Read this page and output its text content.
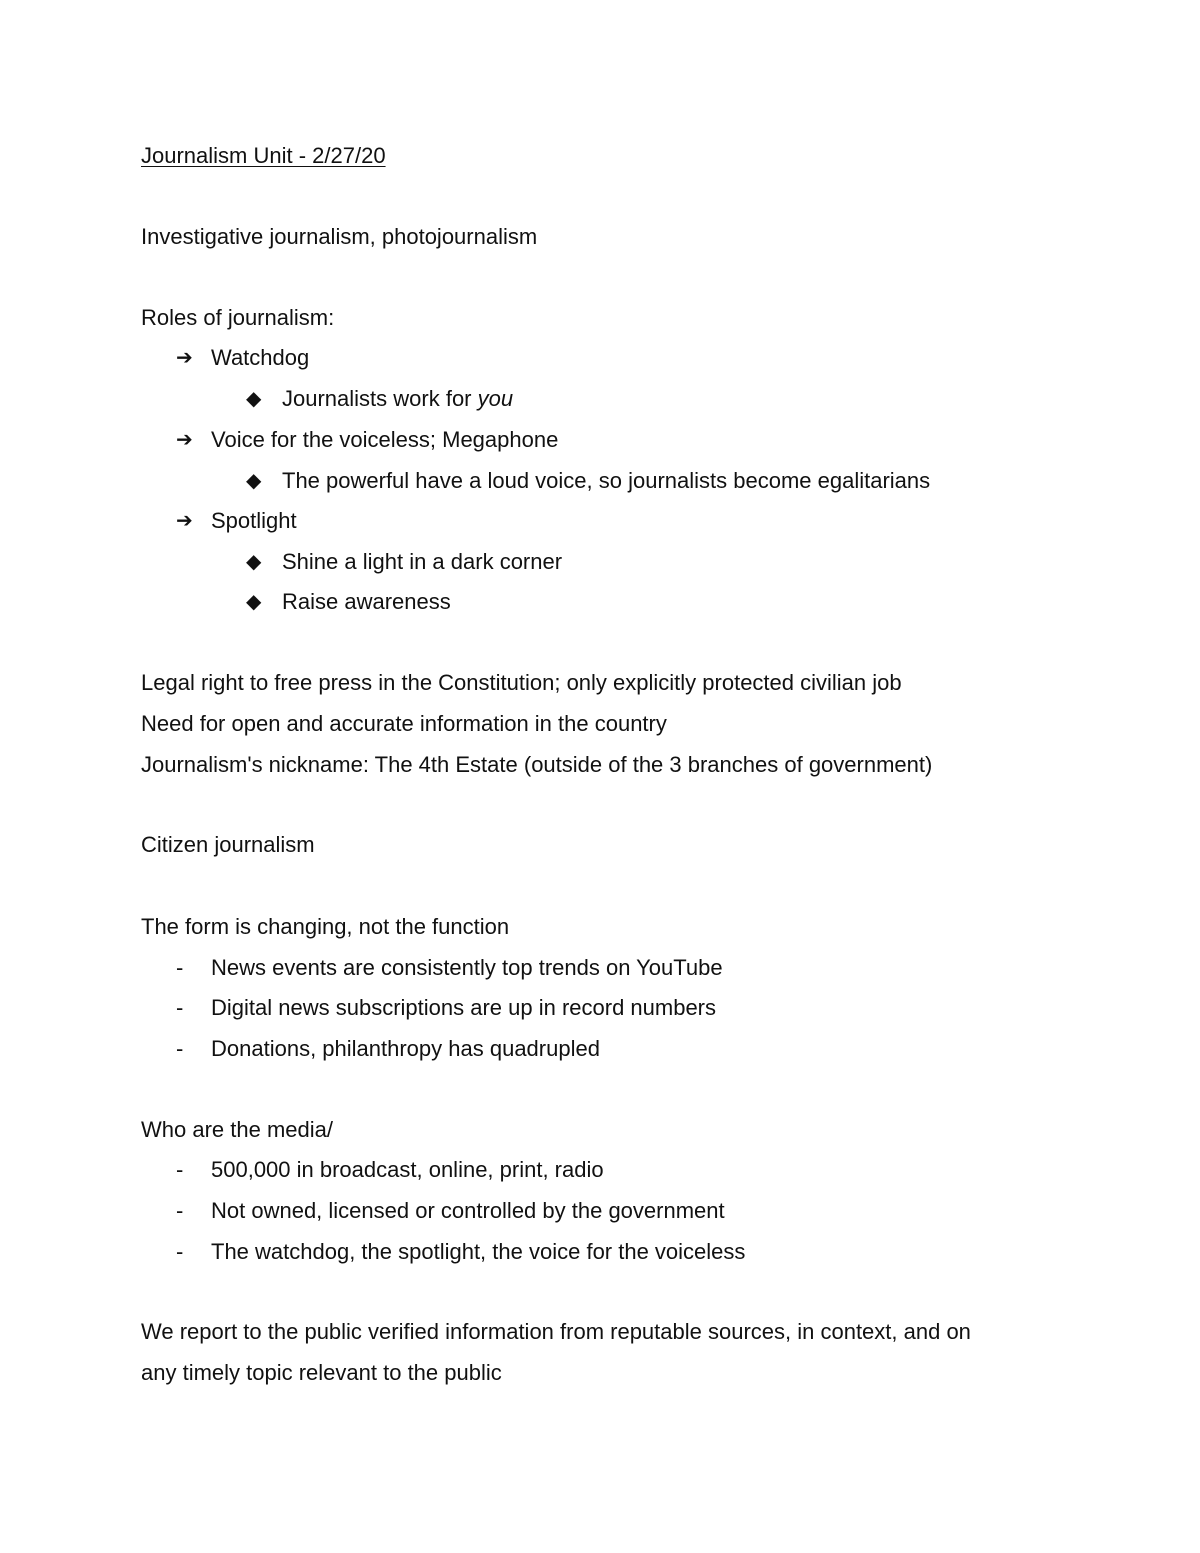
Journalism Unit - 2/27/20
Investigative journalism, photojournalism
Roles of journalism:
➔ Watchdog
◆ Journalists work for you
➔ Voice for the voiceless; Megaphone
◆ The powerful have a loud voice, so journalists become egalitarians
➔ Spotlight
◆ Shine a light in a dark corner
◆ Raise awareness
Legal right to free press in the Constitution; only explicitly protected civilian job
Need for open and accurate information in the country
Journalism's nickname: The 4th Estate (outside of the 3 branches of government)
Citizen journalism
The form is changing, not the function
- News events are consistently top trends on YouTube
- Digital news subscriptions are up in record numbers
- Donations, philanthropy has quadrupled
Who are the media/
- 500,000 in broadcast, online, print, radio
- Not owned, licensed or controlled by the government
- The watchdog, the spotlight, the voice for the voiceless
We report to the public verified information from reputable sources, in context, and on
any timely topic relevant to the public
